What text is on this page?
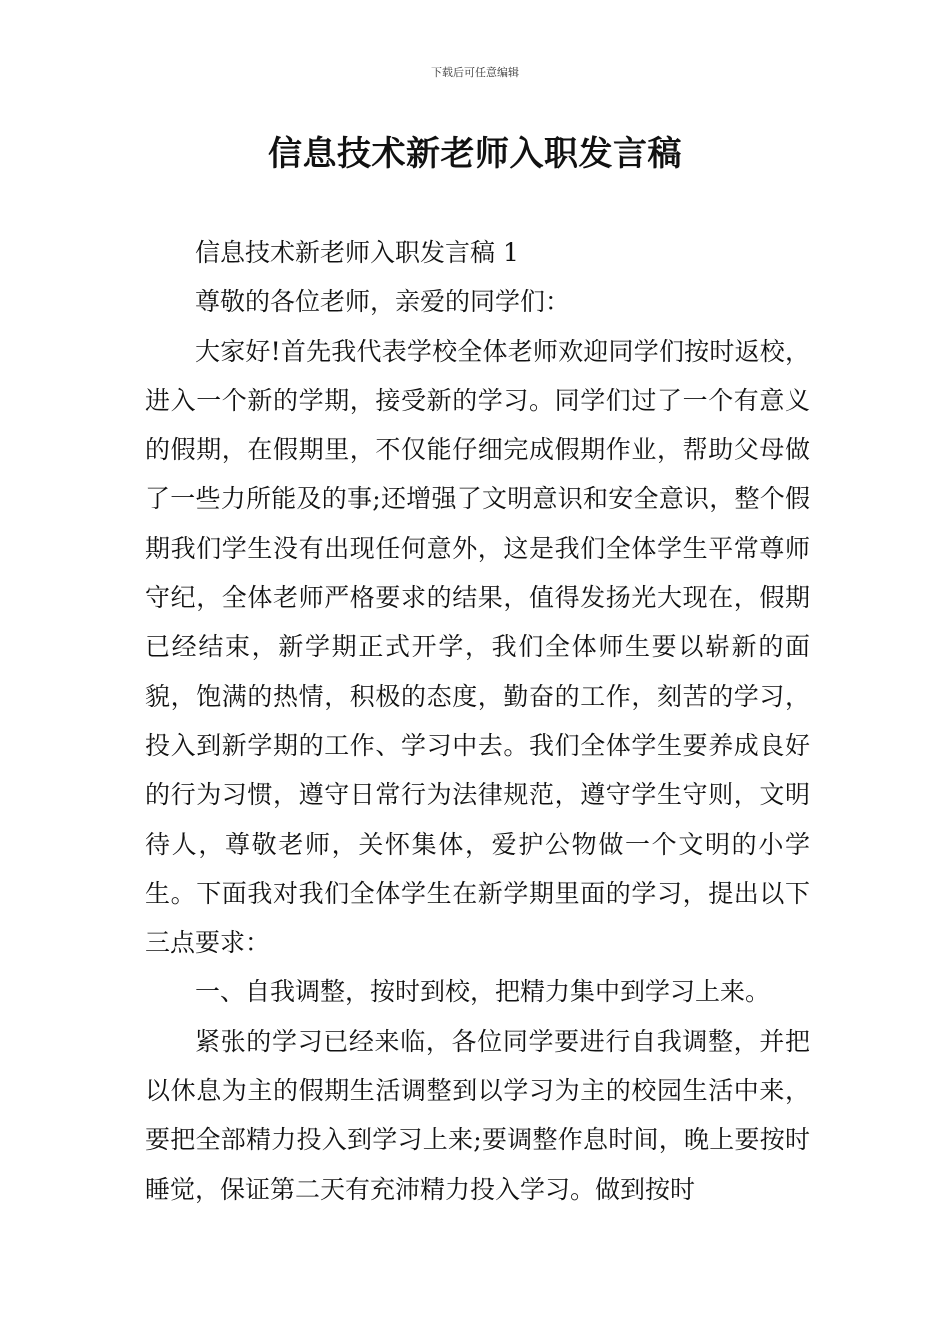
下载后可任意编辑
信息技术新老师入职发言稿

信息技术新老师入职发言稿 1

尊敬的各位老师，亲爱的同学们：

大家好!首先我代表学校全体老师欢迎同学们按时返校，进入一个新的学期，接受新的学习。同学们过了一个有意义的假期，在假期里，不仅能仔细完成假期作业，帮助父母做了一些力所能及的事;还增强了文明意识和安全意识，整个假期我们学生没有出现任何意外，这是我们全体学生平常尊师守纪，全体老师严格要求的结果，值得发扬光大现在，假期已经结束，新学期正式开学，我们全体师生要以崭新的面貌，饱满的热情，积极的态度，勤奋的工作，刻苦的学习，投入到新学期的工作、学习中去。我们全体学生要养成良好的行为习惯，遵守日常行为法律规范，遵守学生守则，文明待人，尊敬老师，关怀集体，爱护公物做一个文明的小学生。下面我对我们全体学生在新学期里面的学习，提出以下三点要求：

一、自我调整，按时到校，把精力集中到学习上来。

紧张的学习已经来临，各位同学要进行自我调整，并把以休息为主的假期生活调整到以学习为主的校园生活中来，要把全部精力投入到学习上来;要调整作息时间，晚上要按时睡觉，保证第二天有充沛精力投入学习。做到按时
